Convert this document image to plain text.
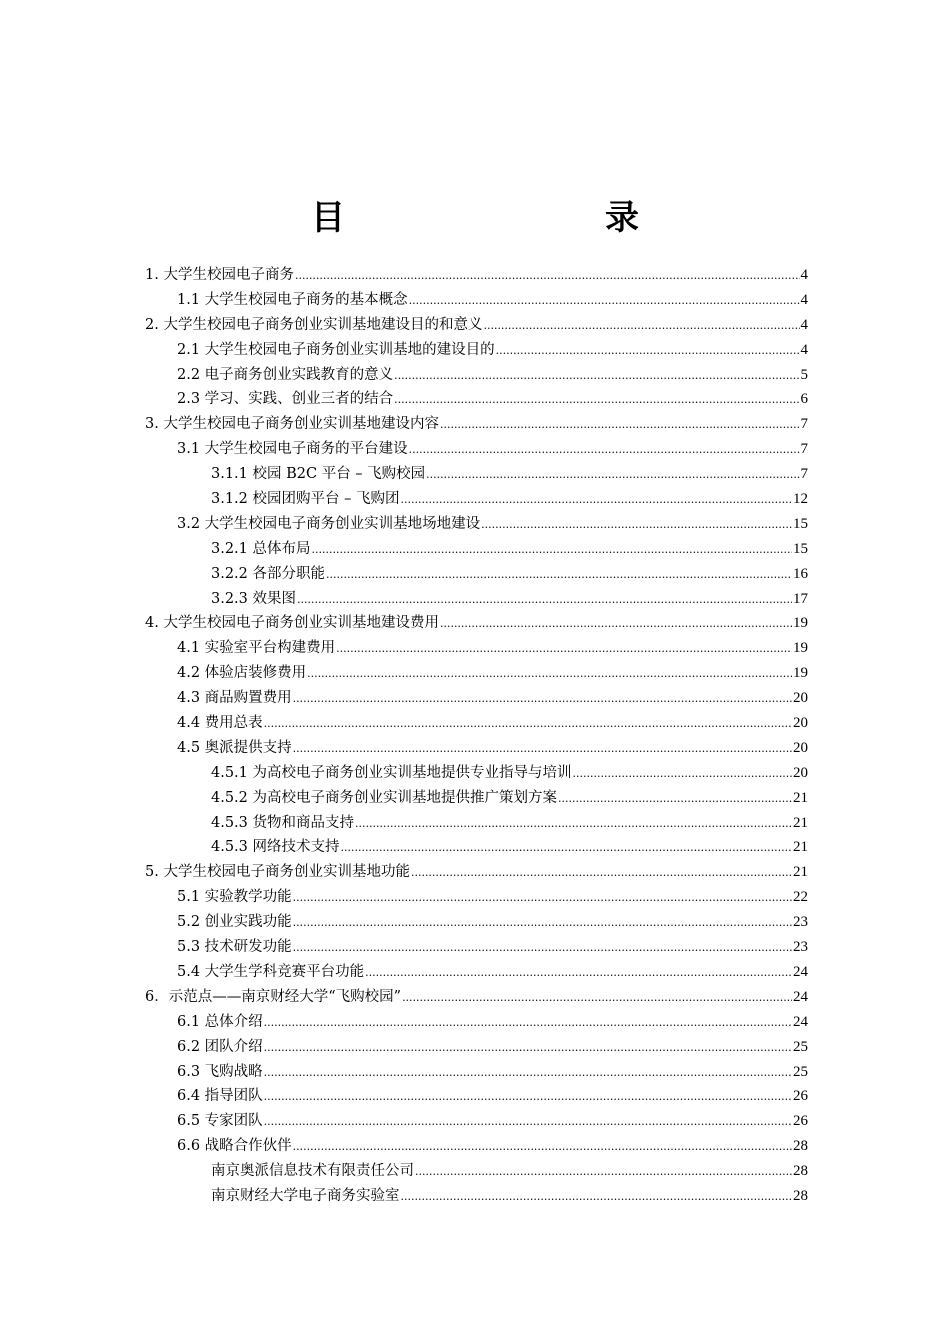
目　　录
1. 大学生校园电子商务 .....	4
1.1 大学生校园电子商务的基本概念 .....	4
2. 大学生校园电子商务创业实训基地建设目的和意义 .....	4
2.1 大学生校园电子商务创业实训基地的建设目的 .....	4
2.2 电子商务创业实践教育的意义 .....	5
2.3 学习、实践、创业三者的结合 .....	6
3. 大学生校园电子商务创业实训基地建设内容 .....	7
3.1 大学生校园电子商务的平台建设 .....	7
3.1.1 校园 B2C 平台 – 飞购校园 .....	7
3.1.2 校园团购平台 – 飞购团 .....	12
3.2 大学生校园电子商务创业实训基地场地建设 .....	15
3.2.1 总体布局 .....	15
3.2.2 各部分职能 .....	16
3.2.3 效果图 .....	17
4. 大学生校园电子商务创业实训基地建设费用 .....	19
4.1 实验室平台构建费用 .....	19
4.2 体验店装修费用 .....	19
4.3 商品购置费用 .....	20
4.4 费用总表 .....	20
4.5 奥派提供支持 .....	20
4.5.1 为高校电子商务创业实训基地提供专业指导与培训 .....	20
4.5.2 为高校电子商务创业实训基地提供推广策划方案 .....	21
4.5.3 货物和商品支持 .....	21
4.5.3 网络技术支持 .....	21
5. 大学生校园电子商务创业实训基地功能 .....	21
5.1 实验教学功能 .....	22
5.2 创业实践功能 .....	23
5.3 技术研发功能 .....	23
5.4 大学生学科竞赛平台功能 .....	24
6．示范点——南京财经大学“飞购校园” .....	24
6.1 总体介绍 .....	24
6.2 团队介绍 .....	25
6.3 飞购战略 .....	25
6.4 指导团队 .....	26
6.5 专家团队 .....	26
6.6 战略合作伙伴 .....	28
南京奥派信息技术有限责任公司 .....	28
南京财经大学电子商务实验室 .....	28
